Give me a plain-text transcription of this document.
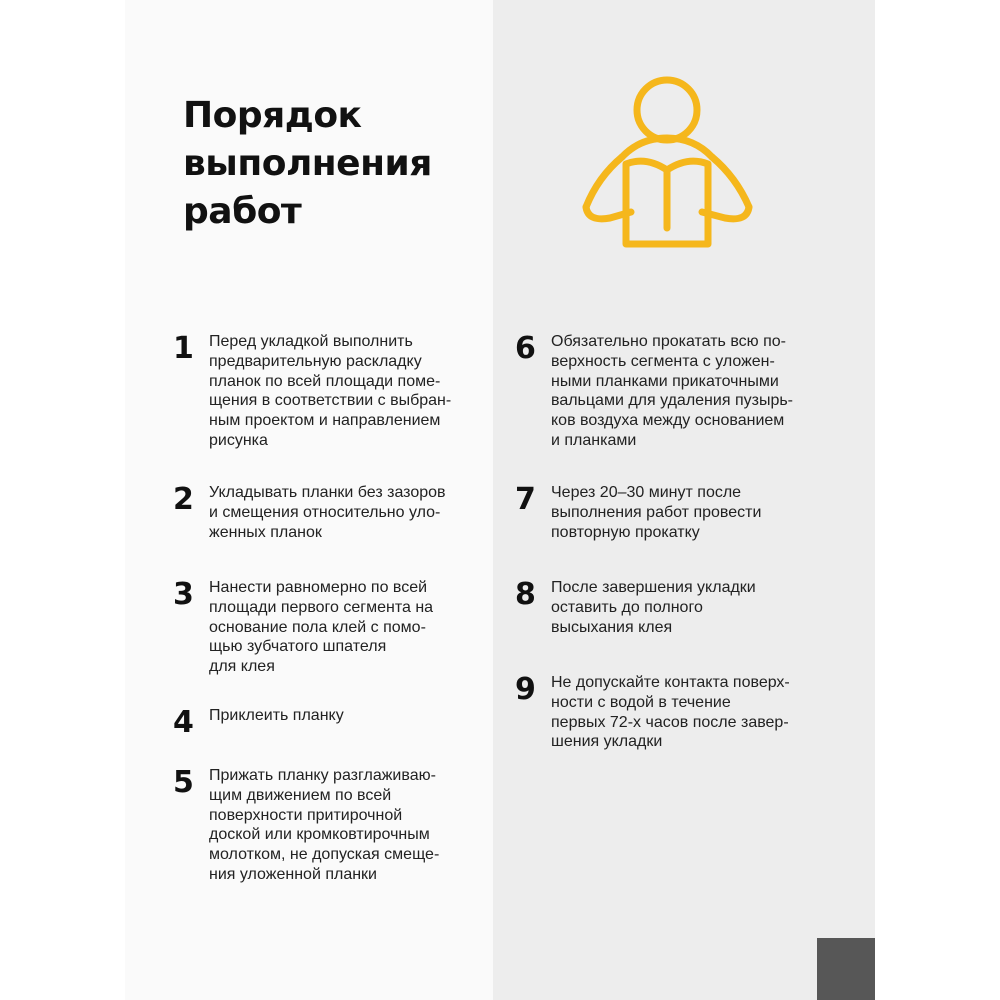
Порядок
выполнения
работ
1 Перед укладкой выполнить
предварительную раскладку
планок по всей площади поме-
щения в соответствии с выбран-
ным проектом и направлением
рисунка
2 Укладывать планки без зазоров
и смещения относительно уло-
женных планок
3 Нанести равномерно по всей
площади первого сегмента на
основание пола клей с помо-
щью зубчатого шпателя
для клея
4 Приклеить планку
5 Прижать планку разглаживаю-
щим движением по всей
поверхности притирочной
доской или кромковтирочным
молотком, не допуская смеще-
ния уложенной планки
6 Обязательно прокатать всю по-
верхность сегмента с уложен-
ными планками прикаточными
вальцами для удаления пузырь-
ков воздуха между основанием
и планками
7 Через 20–30 минут после
выполнения работ провести
повторную прокатку
8 После завершения укладки
оставить до полного
высыхания клея
9 Не допускайте контакта поверх-
ности с водой в течение
первых 72-х часов после завер-
шения укладки
